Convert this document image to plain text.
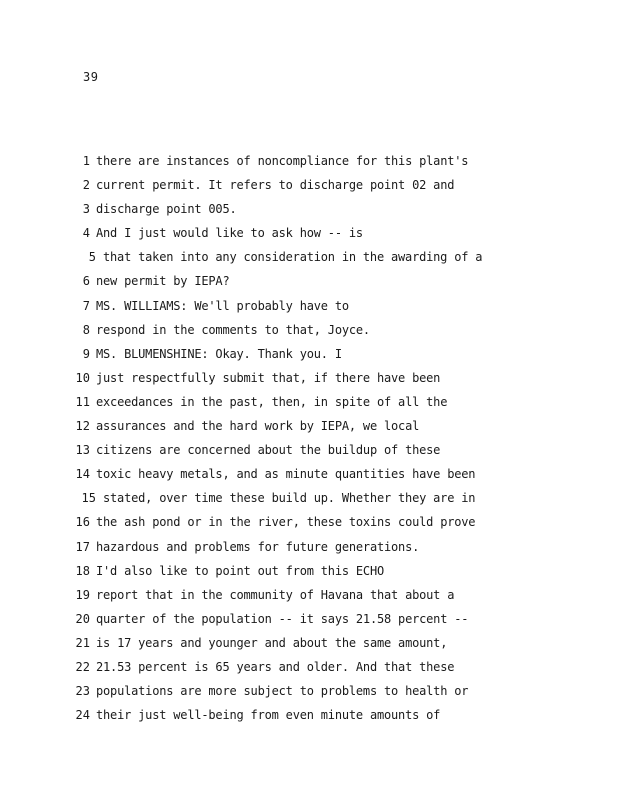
39
1 there are instances of noncompliance for this plant's
2 current permit. It refers to discharge point 02 and
3 discharge point 005.
4 And I just would like to ask how -- is
5 that taken into any consideration in the awarding of a
6 new permit by IEPA?
7 MS. WILLIAMS: We'll probably have to
8 respond in the comments to that, Joyce.
9 MS. BLUMENSHINE: Okay. Thank you. I
10 just respectfully submit that, if there have been
11 exceedances in the past, then, in spite of all the
12 assurances and the hard work by IEPA, we local
13 citizens are concerned about the buildup of these
14 toxic heavy metals, and as minute quantities have been
15 stated, over time these build up. Whether they are in
16 the ash pond or in the river, these toxins could prove
17 hazardous and problems for future generations.
18 I'd also like to point out from this ECHO
19 report that in the community of Havana that about a
20 quarter of the population -- it says 21.58 percent --
21 is 17 years and younger and about the same amount,
22 21.53 percent is 65 years and older. And that these
23 populations are more subject to problems to health or
24 their just well-being from even minute amounts of
